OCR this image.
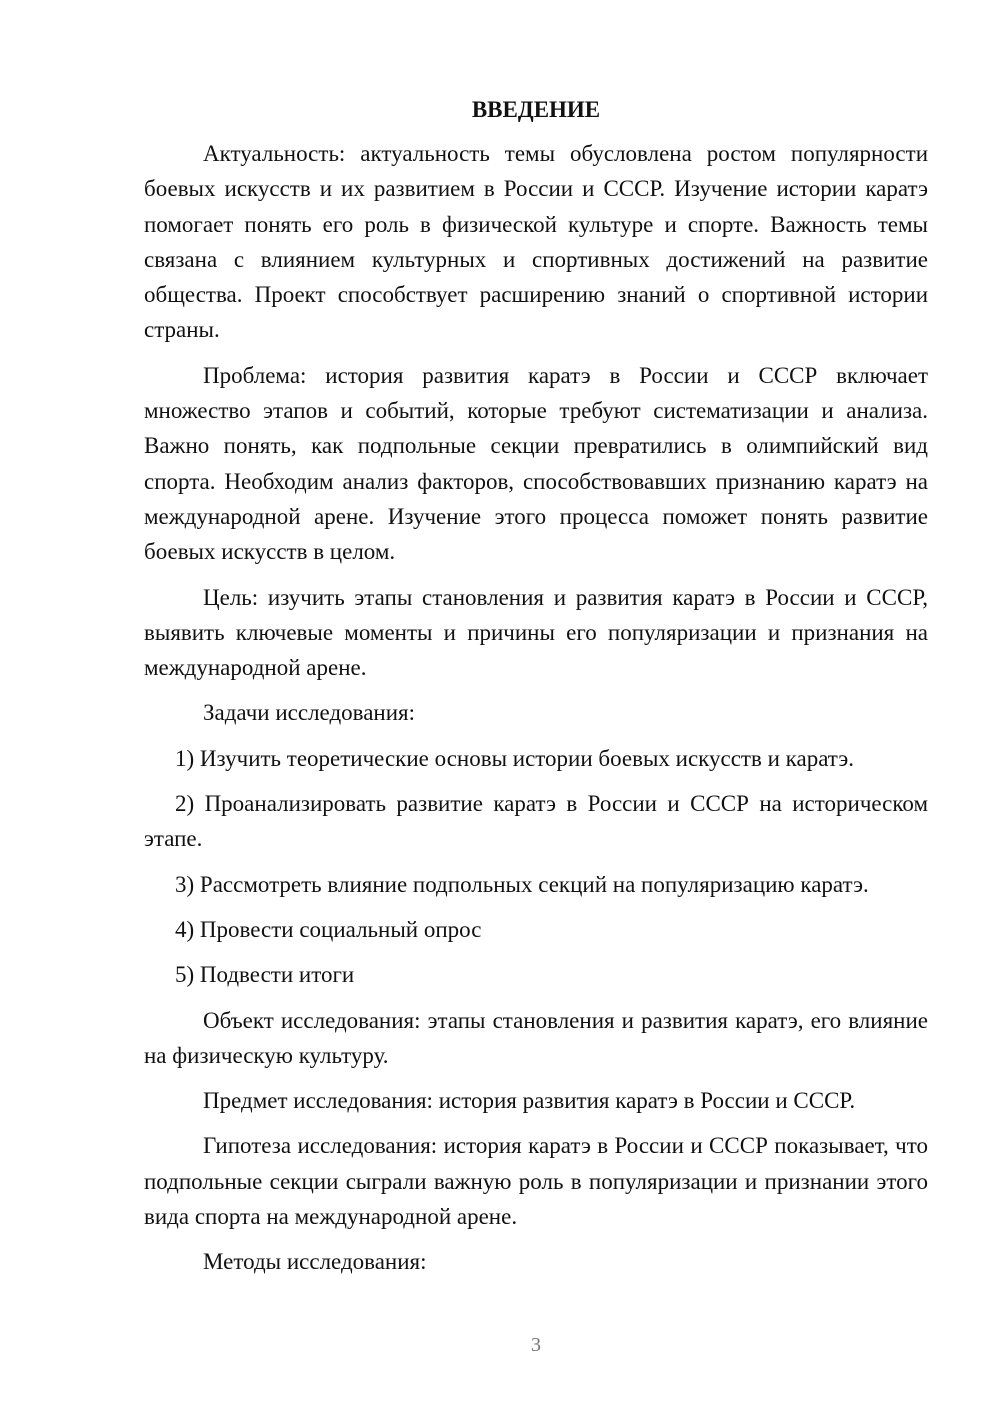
ВВЕДЕНИЕ

Актуальность: актуальность темы обусловлена ростом популярности боевых искусств и их развитием в России и СССР. Изучение истории каратэ помогает понять его роль в физической культуре и спорте. Важность темы связана с влиянием культурных и спортивных достижений на развитие общества. Проект способствует расширению знаний о спортивной истории страны.

Проблема: история развития каратэ в России и СССР включает множество этапов и событий, которые требуют систематизации и анализа. Важно понять, как подпольные секции превратились в олимпийский вид спорта. Необходим анализ факторов, способствовавших признанию каратэ на международной арене. Изучение этого процесса поможет понять развитие боевых искусств в целом.

Цель: изучить этапы становления и развития каратэ в России и СССР, выявить ключевые моменты и причины его популяризации и признания на международной арене.

Задачи исследования:

1) Изучить теоретические основы истории боевых искусств и каратэ.

2) Проанализировать развитие каратэ в России и СССР на историческом этапе.

3) Рассмотреть влияние подпольных секций на популяризацию каратэ.

4) Провести социальный опрос

5) Подвести итоги

Объект исследования: этапы становления и развития каратэ, его влияние на физическую культуру.

Предмет исследования: история развития каратэ в России и СССР.

Гипотеза исследования: история каратэ в России и СССР показывает, что подпольные секции сыграли важную роль в популяризации и признании этого вида спорта на международной арене.

Методы исследования:

3
